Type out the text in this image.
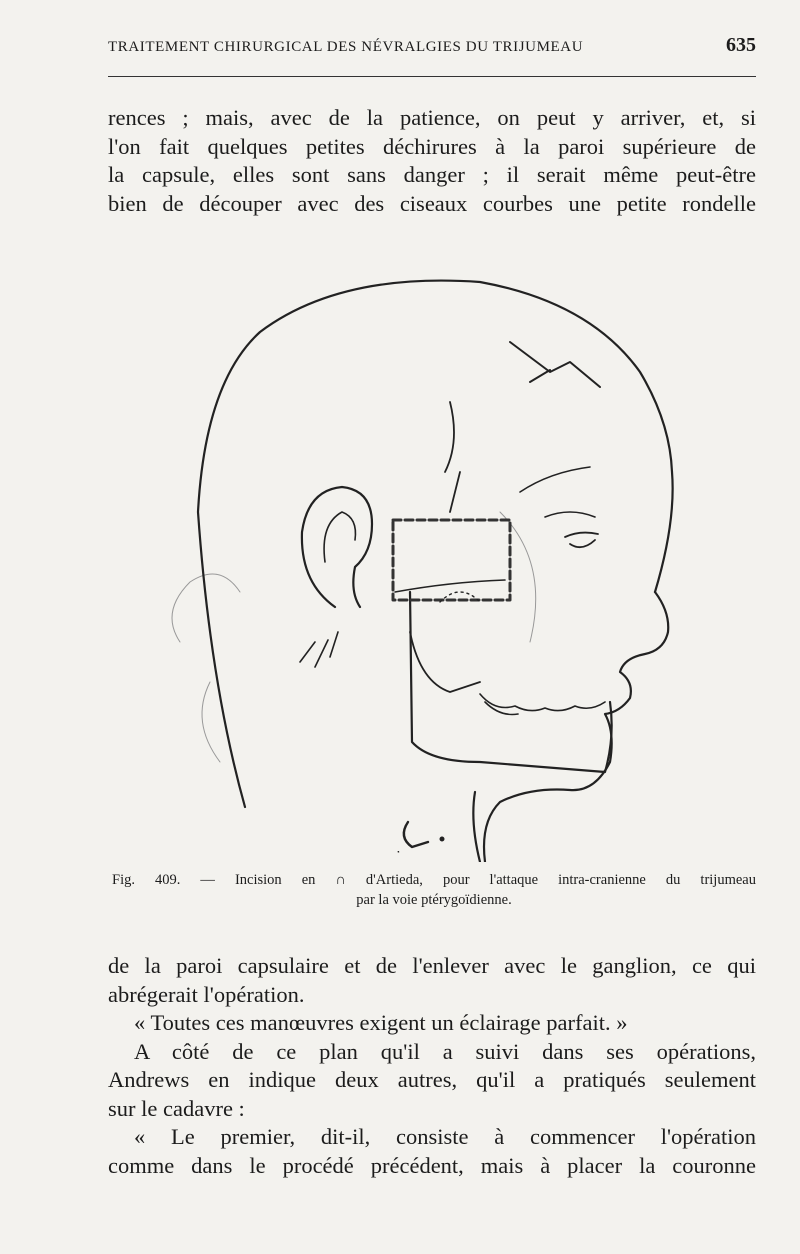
TRAITEMENT CHIRURGICAL DES NÉVRALGIES DU TRIJUMEAU	635
rences ; mais, avec de la patience, on peut y arriver, et, si
l'on fait quelques petites déchirures à la paroi supérieure de
la capsule, elles sont sans danger ; il serait même peut-être
bien de découper avec des ciseaux courbes une petite rondelle
C.
Fig. 409. — Incision en ∩ d'Artieda, pour l'attaque intra-cranienne du trijumeau
par la voie ptérygoïdienne.
de la paroi capsulaire et de l'enlever avec le ganglion, ce qui
abrégerait l'opération.
« Toutes ces manœuvres exigent un éclairage parfait. »
A côté de ce plan qu'il a suivi dans ses opérations,
Andrews en indique deux autres, qu'il a pratiqués seulement
sur le cadavre :
« Le premier, dit-il, consiste à commencer l'opération
comme dans le procédé précédent, mais à placer la couronne
